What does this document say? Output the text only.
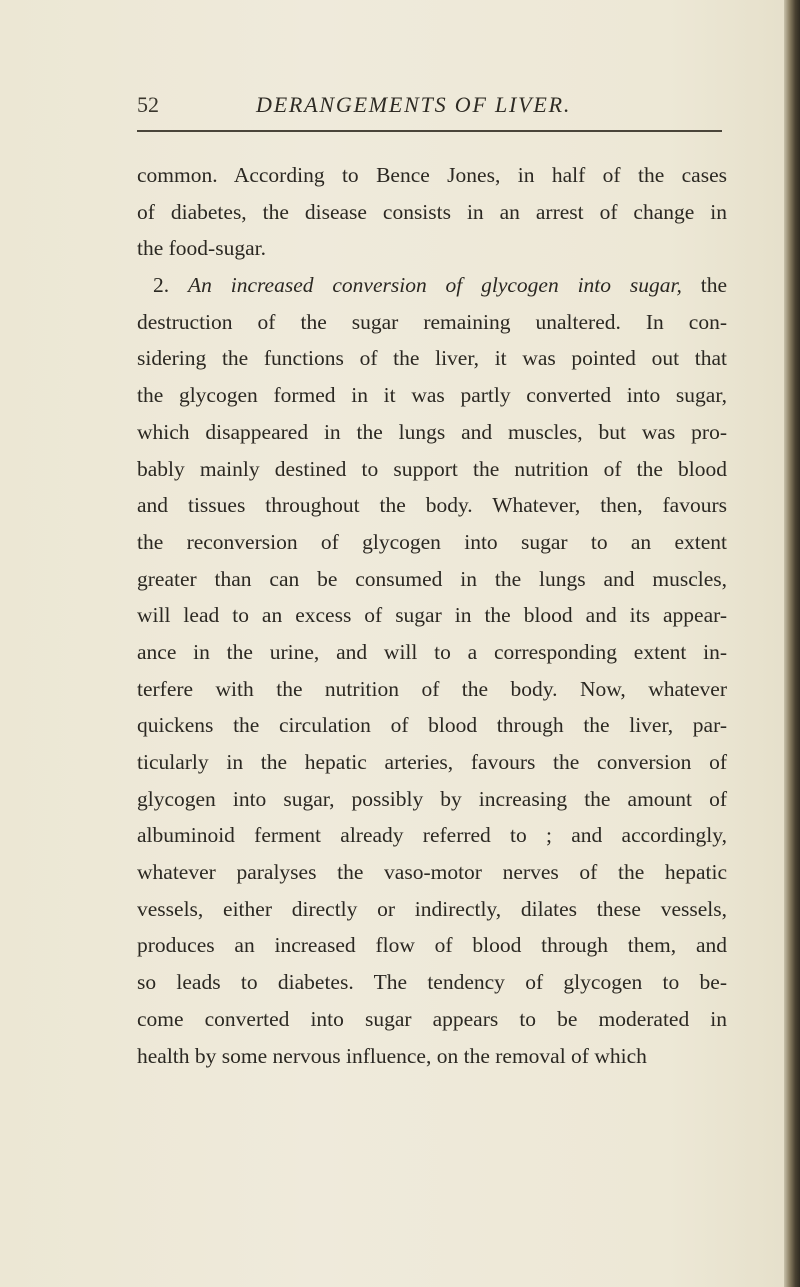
52	DERANGEMENTS OF LIVER.
common. According to Bence Jones, in half of the cases
of diabetes, the disease consists in an arrest of change in
the food-sugar.
2. An increased conversion of glycogen into sugar, the
destruction of the sugar remaining unaltered. In con-
sidering the functions of the liver, it was pointed out that
the glycogen formed in it was partly converted into sugar,
which disappeared in the lungs and muscles, but was pro-
bably mainly destined to support the nutrition of the blood
and tissues throughout the body. Whatever, then, favours
the reconversion of glycogen into sugar to an extent
greater than can be consumed in the lungs and muscles,
will lead to an excess of sugar in the blood and its appear-
ance in the urine, and will to a corresponding extent in-
terfere with the nutrition of the body. Now, whatever
quickens the circulation of blood through the liver, par-
ticularly in the hepatic arteries, favours the conversion of
glycogen into sugar, possibly by increasing the amount of
albuminoid ferment already referred to ; and accordingly,
whatever paralyses the vaso-motor nerves of the hepatic
vessels, either directly or indirectly, dilates these vessels,
produces an increased flow of blood through them, and
so leads to diabetes. The tendency of glycogen to be-
come converted into sugar appears to be moderated in
health by some nervous influence, on the removal of which
